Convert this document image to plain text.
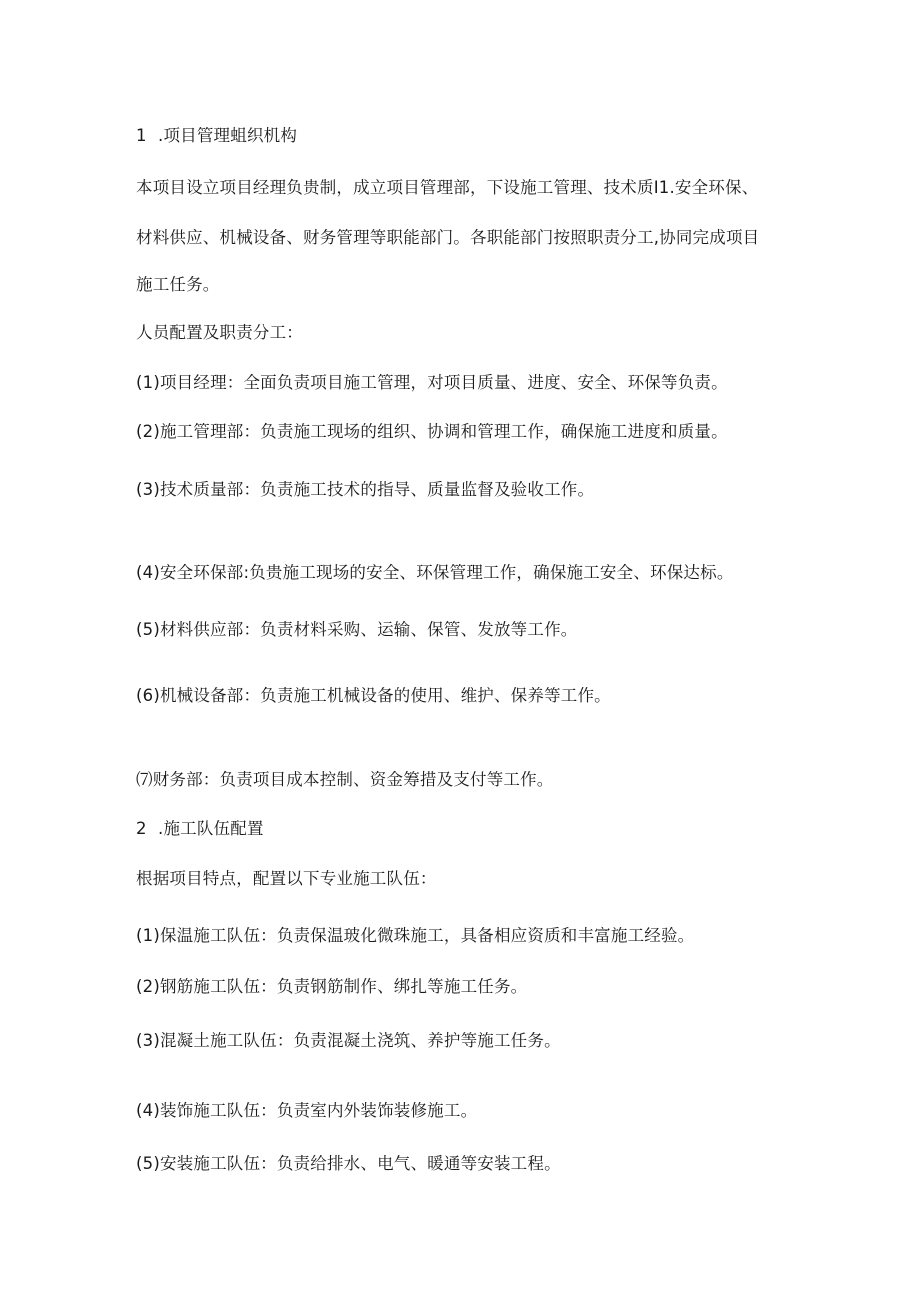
1 .项目管理蛆织机构
本项目设立项目经理负贵制，成立项目管理部，下设施工管理、技术质I1.安全环保、
材料供应、机械设备、财务管理等职能部门。各职能部门按照职责分工,协同完成项目
施工任务。
人员配置及职责分工：
(1)项目经理：全面负责项目施工管理，对项目质量、进度、安全、环保等负责。
(2)施工管理部：负责施工现场的组织、协调和管理工作，确保施工进度和质量。
(3)技术质量部：负责施工技术的指导、质量监督及验收工作。
(4)安全环保部:负贵施工现场的安全、环保管理工作，确保施工安全、环保达标。
(5)材料供应部：负责材料采购、运输、保管、发放等工作。
(6)机械设备部：负责施工机械设备的使用、维护、保养等工作。
⑺财务部：负责项目成本控制、资金筹措及支付等工作。
2 .施工队伍配置
根据项目特点，配置以下专业施工队伍：
(1)保温施工队伍：负责保温玻化微珠施工，具备相应资质和丰富施工经验。
(2)钢筋施工队伍：负责钢筋制作、绑扎等施工任务。
(3)混凝土施工队伍：负责混凝土浇筑、养护等施工任务。
(4)装饰施工队伍：负责室内外装饰装修施工。
(5)安装施工队伍：负责给排水、电气、暖通等安装工程。
